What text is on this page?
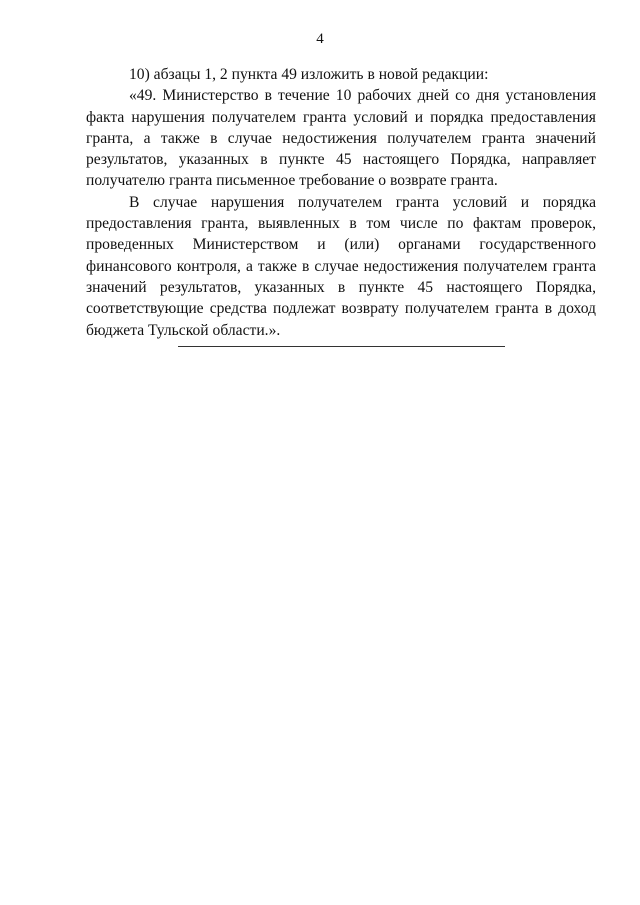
4

10) абзацы 1, 2 пункта 49 изложить в новой редакции:

«49. Министерство в течение 10 рабочих дней со дня установления факта нарушения получателем гранта условий и порядка предоставления гранта, а также в случае недостижения получателем гранта значений результатов, указанных в пункте 45 настоящего Порядка, направляет получателю гранта письменное требование о возврате гранта.

В случае нарушения получателем гранта условий и порядка предоставления гранта, выявленных в том числе по фактам проверок, проведенных Министерством и (или) органами государственного финансового контроля, а также в случае недостижения получателем гранта значений результатов, указанных в пункте 45 настоящего Порядка, соответствующие средства подлежат возврату получателем гранта в доход бюджета Тульской области.».
